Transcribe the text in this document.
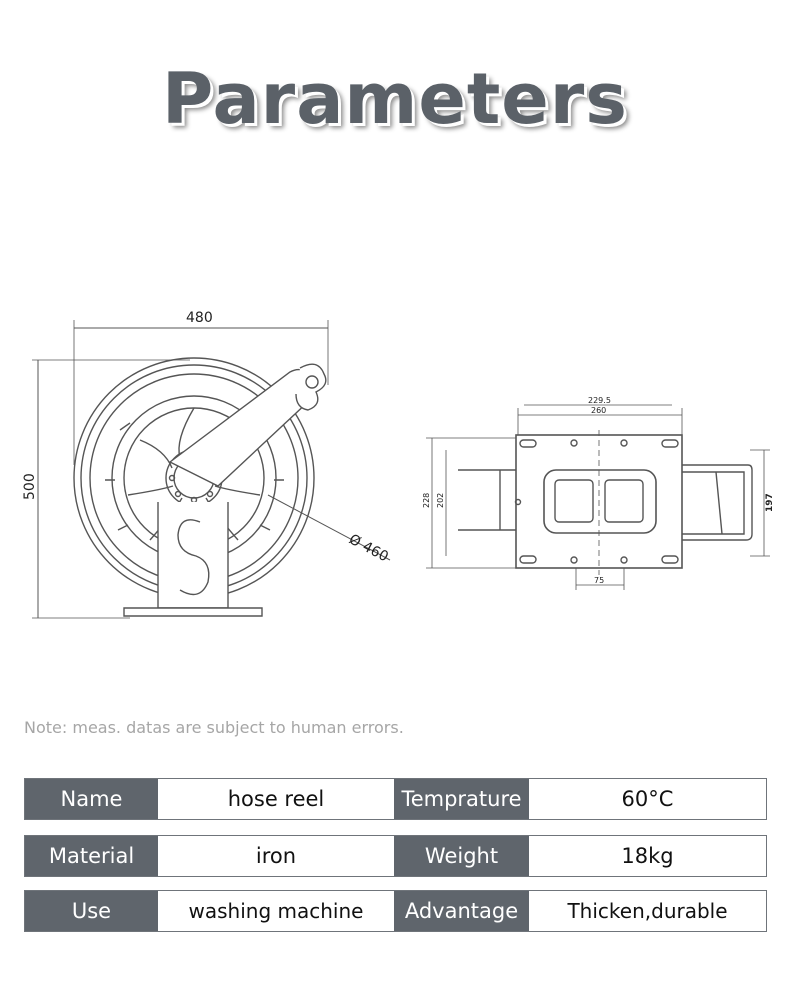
Parameters
480
500
Ø 460
229.5
260
228 202	197
75
Note: meas. datas are subject to human errors.
Name	hose reel	Temprature	60°C
Material	iron	Weight	18kg
Use	washing machine	Advantage	Thicken,durable
